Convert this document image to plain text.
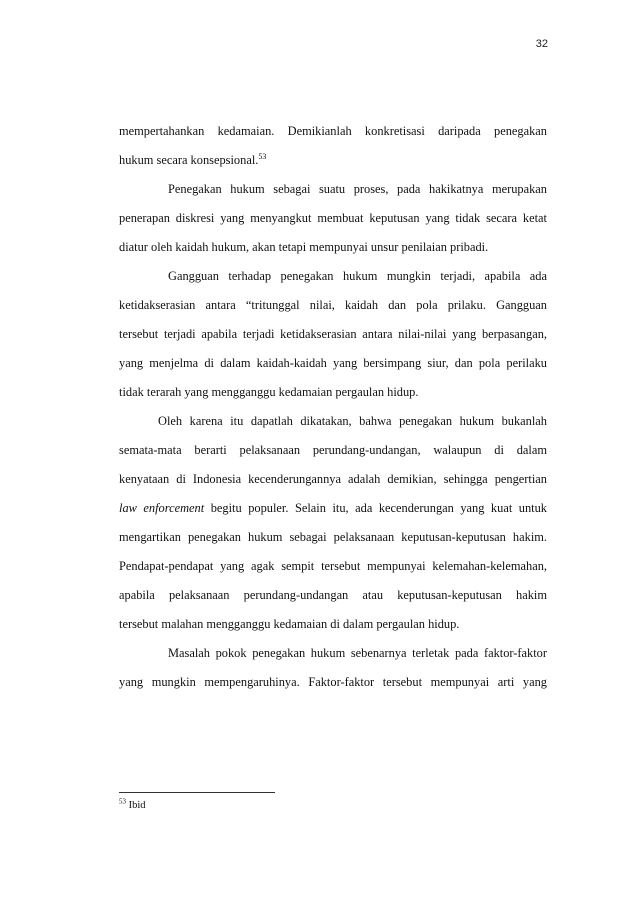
32
mempertahankan kedamaian. Demikianlah konkretisasi daripada penegakan
hukum secara konsepsional.$^{53}$
Penegakan hukum sebagai suatu proses, pada hakikatnya merupakan
penerapan diskresi yang menyangkut membuat keputusan yang tidak secara ketat
diatur oleh kaidah hukum, akan tetapi mempunyai unsur penilaian pribadi.
Gangguan terhadap penegakan hukum mungkin terjadi, apabila ada
ketidakserasian antara “tritunggal nilai, kaidah dan pola prilaku. Gangguan
tersebut terjadi apabila terjadi ketidakserasian antara nilai-nilai yang berpasangan,
yang menjelma di dalam kaidah-kaidah yang bersimpang siur, dan pola perilaku
tidak terarah yang mengganggu kedamaian pergaulan hidup.
Oleh karena itu dapatlah dikatakan, bahwa penegakan hukum bukanlah
semata-mata berarti pelaksanaan perundang-undangan, walaupun di dalam
kenyataan di Indonesia kecenderungannya adalah demikian, sehingga pengertian
law enforcement begitu populer. Selain itu, ada kecenderungan yang kuat untuk
mengartikan penegakan hukum sebagai pelaksanaan keputusan-keputusan hakim.
Pendapat-pendapat yang agak sempit tersebut mempunyai kelemahan-kelemahan,
apabila pelaksanaan perundang-undangan atau keputusan-keputusan hakim
tersebut malahan mengganggu kedamaian di dalam pergaulan hidup.
Masalah pokok penegakan hukum sebenarnya terletak pada faktor-faktor
yang mungkin mempengaruhinya. Faktor-faktor tersebut mempunyai arti yang
$^{53}$ Ibid
